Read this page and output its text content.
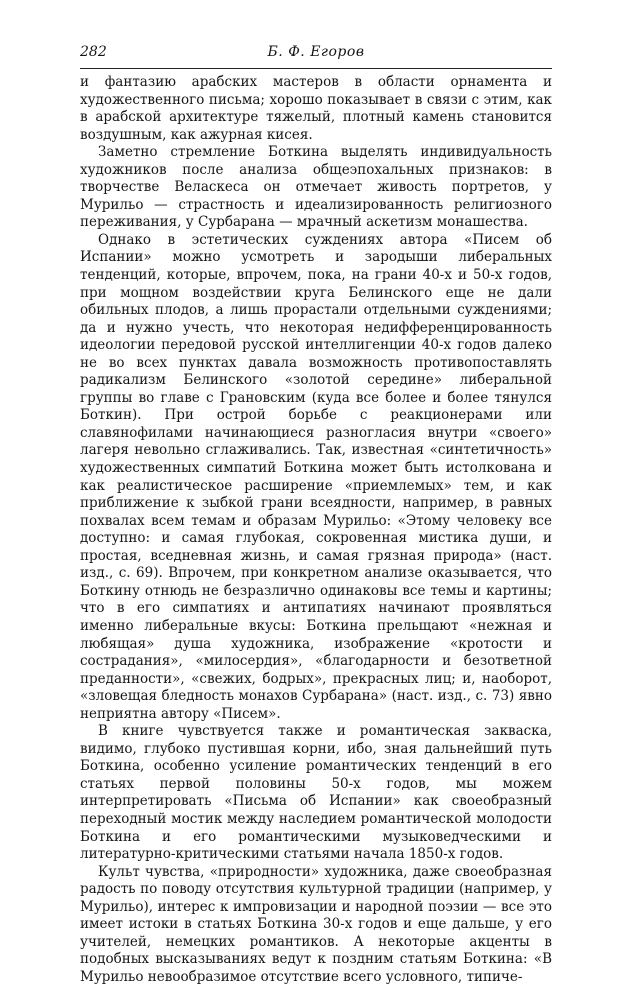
282	Б. Ф. Егоров

и фантазию арабских мастеров в области орнамента и художественного письма; хорошо показывает в связи с этим, как в арабской архитектуре тяжелый, плотный камень становится воздушным, как ажурная кисея.

Заметно стремление Боткина выделять индивидуальность художников после анализа общеэпохальных признаков: в творчестве Веласкеса он отмечает живость портретов, у Мурильо — страстность и идеализированность религиозного переживания, у Сурбарана — мрачный аскетизм монашества.

Однако в эстетических суждениях автора «Писем об Испании» можно усмотреть и зародыши либеральных тенденций, которые, впрочем, пока, на грани 40-х и 50-х годов, при мощном воздействии круга Белинского еще не дали обильных плодов, а лишь прорастали отдельными суждениями; да и нужно учесть, что некоторая недифференцированность идеологии передовой русской интеллигенции 40-х годов далеко не во всех пунктах давала возможность противопоставлять радикализм Белинского «золотой середине» либеральной группы во главе с Грановским (куда все более и более тянулся Боткин). При острой борьбе с реакционерами или славянофилами начинающиеся разногласия внутри «своего» лагеря невольно сглаживались. Так, известная «синтетичность» художественных симпатий Боткина может быть истолкована и как реалистическое расширение «приемлемых» тем, и как приближение к зыбкой грани всеядности, например, в равных похвалах всем темам и образам Мурильо: «Этому человеку все доступно: и самая глубокая, сокровенная мистика души, и простая, вседневная жизнь, и самая грязная природа» (наст. изд., с. 69). Впрочем, при конкретном анализе оказывается, что Боткину отнюдь не безразлично одинаковы все темы и картины; что в его симпатиях и антипатиях начинают проявляться именно либеральные вкусы: Боткина прельщают «нежная и любящая» душа художника, изображение «кротости и сострадания», «милосердия», «благодарности и безответной преданности», «свежих, бодрых», прекрасных лиц; и, наоборот, «зловещая бледность монахов Сурбарана» (наст. изд., с. 73) явно неприятна автору «Писем».

В книге чувствуется также и романтическая закваска, видимо, глубоко пустившая корни, ибо, зная дальнейший путь Боткина, особенно усиление романтических тенденций в его статьях первой половины 50-х годов, мы можем интерпретировать «Письма об Испании» как своеобразный переходный мостик между наследием романтической молодости Боткина и его романтическими музыковедческими и литературно-критическими статьями начала 1850-х годов.

Культ чувства, «природности» художника, даже своеобразная радость по поводу отсутствия культурной традиции (например, у Мурильо), интерес к импровизации и народной поэзии — все это имеет истоки в статьях Боткина 30-х годов и еще дальше, у его учителей, немецких романтиков. А некоторые акценты в подобных высказываниях ведут к поздним статьям Боткина: «В Мурильо невообразимое отсутствие всего условного, типиче-
